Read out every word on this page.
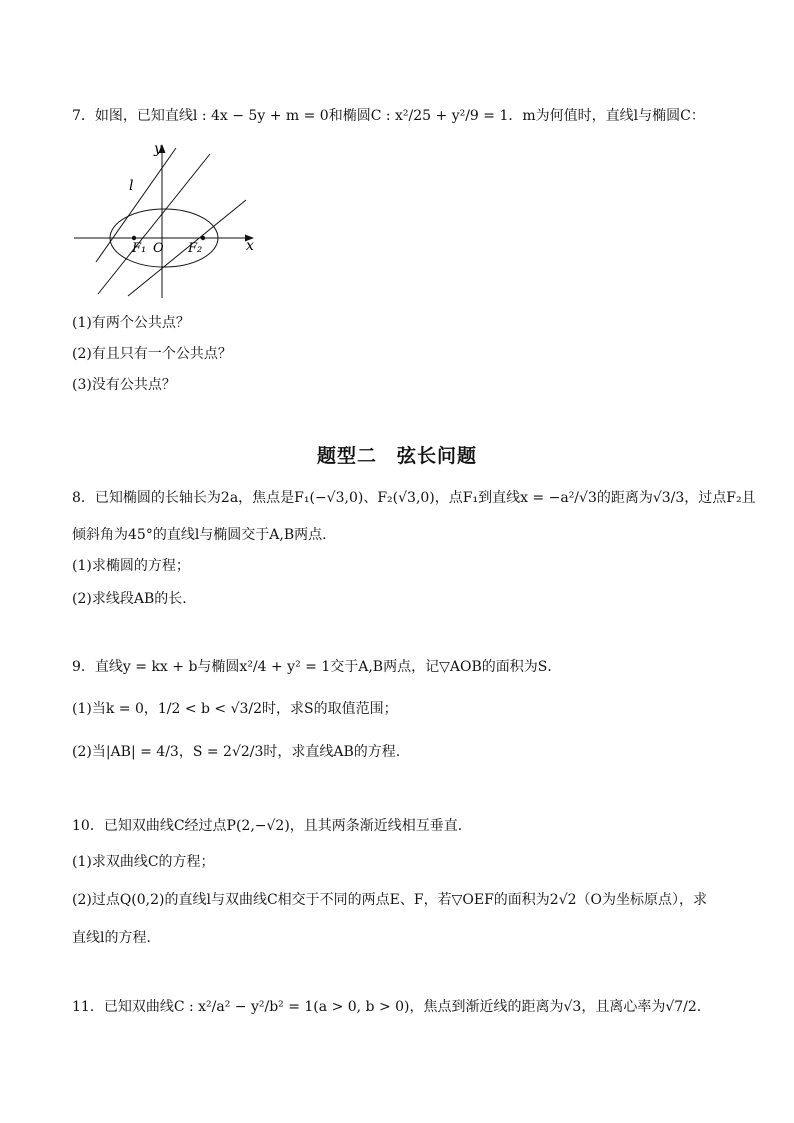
7．如图，已知直线l : 4x − 5y + m = 0和椭圆C : x²/25 + y²/9 = 1．m为何值时，直线l与椭圆C：
y
x
l
F₁ O F₂
(1)有两个公共点？
(2)有且只有一个公共点？
(3)没有公共点？
题型二　弦长问题
8．已知椭圆的长轴长为2a，焦点是F₁(−√3,0)、F₂(√3,0)，点F₁到直线x = −a²/√3的距离为√3/3，过点F₂且
倾斜角为45°的直线l与椭圆交于A,B两点.
(1)求椭圆的方程；
(2)求线段AB的长．
9．直线y = kx + b与椭圆x²/4 + y² = 1交于A,B两点，记▽AOB的面积为S．
(1)当k = 0，1/2 < b < √3/2时，求S的取值范围；
(2)当|AB| = 4/3，S = 2√2/3时，求直线AB的方程.
10．已知双曲线C经过点P(2,−√2)，且其两条渐近线相互垂直．
(1)求双曲线C的方程；
(2)过点Q(0,2)的直线l与双曲线C相交于不同的两点E、F，若▽OEF的面积为2√2（O为坐标原点），求
直线l的方程．
11．已知双曲线C : x²/a² − y²/b² = 1(a > 0, b > 0)，焦点到渐近线的距离为√3，且离心率为√7/2．
